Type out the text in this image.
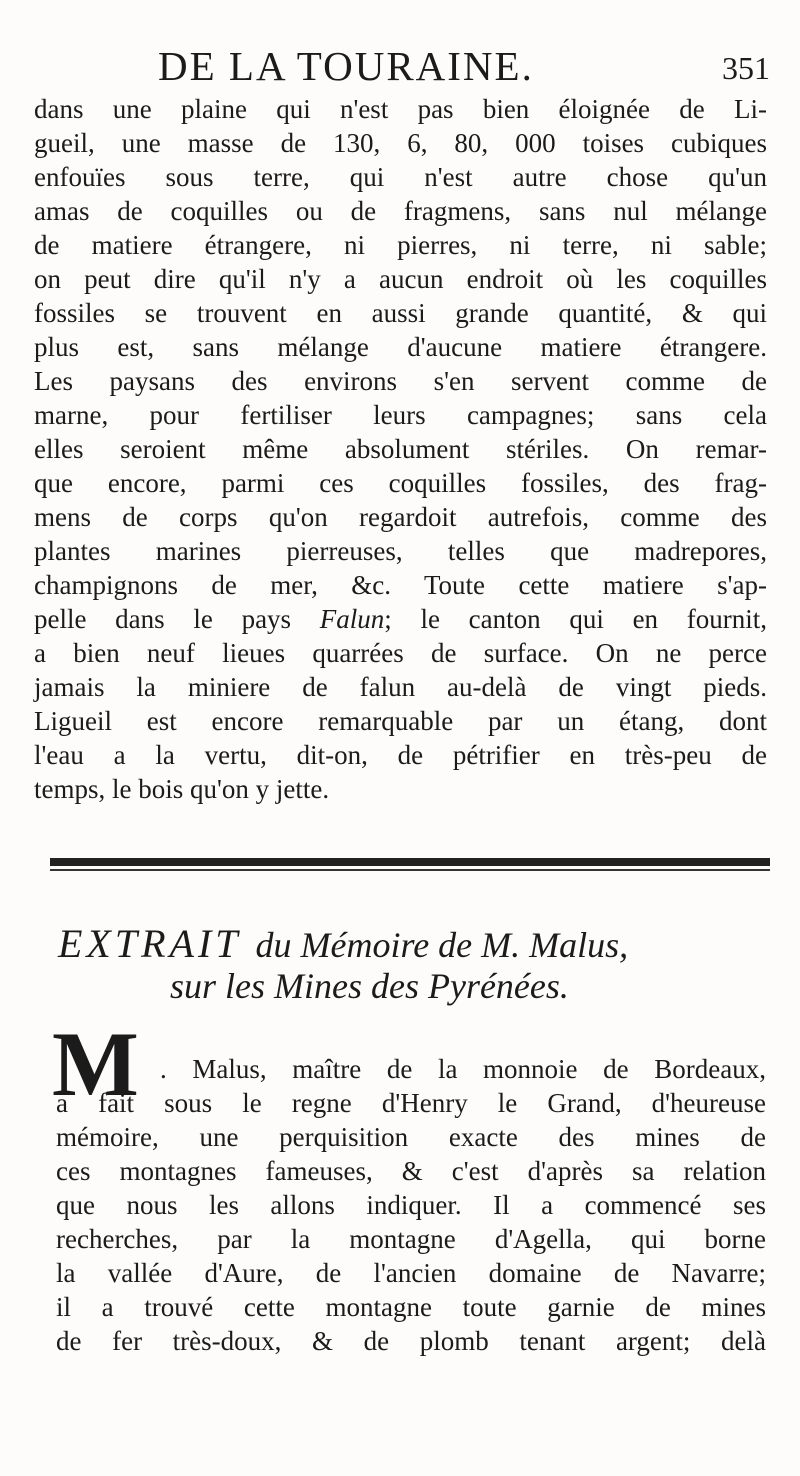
DE LA TOURAINE.	351
dans une plaine qui n'est pas bien éloignée de Li-
gueil, une masse de 130, 6, 80, 000 toises cubiques
enfouïes sous terre, qui n'est autre chose qu'un
amas de coquilles ou de fragmens, sans nul mélange
de matiere étrangere, ni pierres, ni terre, ni sable;
on peut dire qu'il n'y a aucun endroit où les coquilles
fossiles se trouvent en aussi grande quantité, & qui
plus est, sans mélange d'aucune matiere étrangere.
Les paysans des environs s'en servent comme de
marne, pour fertiliser leurs campagnes; sans cela
elles seroient même absolument stériles. On remar-
que encore, parmi ces coquilles fossiles, des frag-
mens de corps qu'on regardoit autrefois, comme des
plantes marines pierreuses, telles que madrepores,
champignons de mer, &c. Toute cette matiere s'ap-
pelle dans le pays Falun; le canton qui en fournit,
a bien neuf lieues quarrées de surface. On ne perce
jamais la miniere de falun au-delà de vingt pieds.
Ligueil est encore remarquable par un étang, dont
l'eau a la vertu, dit-on, de pétrifier en très-peu de
temps, le bois qu'on y jette.
EXTRAIT du Mémoire de M. Malus,
sur les Mines des Pyrénées.
M . Malus, maître de la monnoie de Bordeaux,
a fait sous le regne d'Henry le Grand, d'heureuse
mémoire, une perquisition exacte des mines de
ces montagnes fameuses, & c'est d'après sa relation
que nous les allons indiquer. Il a commencé ses
recherches, par la montagne d'Agella, qui borne
la vallée d'Aure, de l'ancien domaine de Navarre;
il a trouvé cette montagne toute garnie de mines
de fer très-doux, & de plomb tenant argent; delà
